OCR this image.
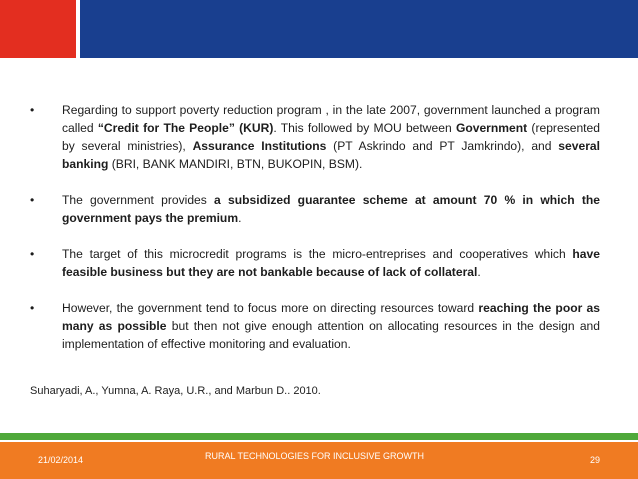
• Regarding to support poverty reduction program , in the late 2007, government launched a program called “Credit for The People” (KUR). This followed by MOU between Government (represented by several ministries), Assurance Institutions (PT Askrindo and PT Jamkrindo), and several banking (BRI, BANK MANDIRI, BTN, BUKOPIN, BSM).
• The government provides a subsidized guarantee scheme at amount 70 % in which the government pays the premium.
• The target of this microcredit programs is the micro-entreprises and cooperatives which have feasible business but they are not bankable because of lack of collateral.
• However, the government tend to focus more on directing resources toward reaching the poor as many as possible but then not give enough attention on allocating resources in the design and implementation of effective monitoring and evaluation.
Suharyadi, A., Yumna, A. Raya, U.R., and Marbun D.. 2010.
21/02/2014	RURAL TECHNOLOGIES FOR INCLUSIVE GROWTH	29
